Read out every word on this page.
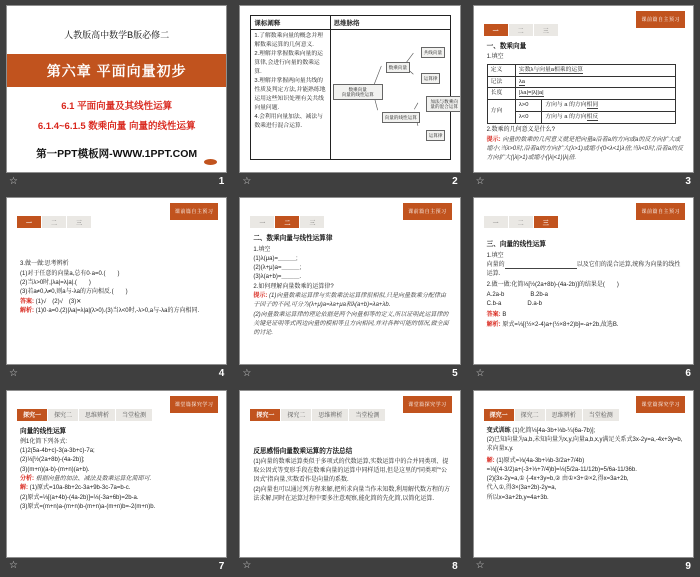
人教版高中数学B版必修二
第六章 平面向量初步
6.1 平面向量及其线性运算
6.1.4~6.1.5 数乘向量 向量的线性运算
第一PPT模板网-WWW.1PPT.COM
☆	1
课标阐释	思维脉络
1.了解数乘向量的概念并理解数乘运算的几何意义.
2.理解并掌握数乘向量的运算律,会进行向量的数乘运算.
3.理解并掌握两向量共线的性质及判定方法,并能熟练地运用这些知识处理有关共线向量问题.
4.会利用向量加法、减法与数乘进行混合运算.
数乘向量
向量的线性运算
数乘向量
向量的线性运算
共线向量
运算律
加法与数乘向量的混合运算
运算律
☆	2
课前篇自主预习
一	二	三
一、数乘向量
1.填空
定义	实数λ与向量a相乘的运算	
记法	λa	
长度	|λa|=|λ||a|	
方向	λ>0	方向与 a 的方向相同
	λ<0	方向与 a 的方向相反
2.数乘的几何意义是什么?
提示: 向量的数乘的几何意义就是把向量a沿着a的方向或a的反方向扩大或缩小;当λ>0时,沿着a的方向扩大(λ>1)或缩小(0<λ<1)λ倍;当λ<0时,沿着a的反方向扩大(|λ|>1)或缩小(|λ|<1)|λ|倍.
☆	3
课前篇自主预习
一	二	三
3.做一做:思考辨析
(1)对于任意的向量a,总有0·a=0.(　　)
(2)当λ>0时,|λa|=λ|a|.(　　)
(3)若a≠0,λ≠0,则a与-λa的方向相反.(　　)
答案: (1)√　(2)√　(3)✕
解析: (1)0·a=0.(2)|λa|=λ|a|(λ>0).(3)当λ<0时,-λ>0,a与-λa的方向相同.
☆	4
课前篇自主预习
一	二	三
二、数乘向量与线性运算律
1.填空
(1)λ(μa)=＿＿＿;
(2)(λ+μ)a=＿＿＿;
(3)λ(a+b)=＿＿＿.
2.如何理解向量数乘的运算律?
提示: (1)向量数乘运算律与实数乘法运算律很相似,只是向量数乘分配律由于因子的不同,可分为(λ+μ)a=λa+μa和λ(a+b)=λa+λb.
(2)向量数乘运算律的理论依据是两个向量相等的定义,所以证明此运算律的关键是证明等式两边向量的模相等且方向相同,并对各种可能的情况,做全面的讨论.
☆	5
课前篇自主预习
一	二	三
三、向量的线性运算
1.填空
向量的　　　　　　　　　　　　	以及它们的混合运算,统称为向量的线性运算.
2.做一做:化简⅓[½(2a+8b)-(4a-2b)]的结果是(　　)
A.2a-b	B.2b-a
C.b-a	D.a-b
答案: B
解析: 原式=⅓[(½×2-4)a+(½×8+2)b]=-a+2b,故选B.
☆	6
课堂篇探究学习
探究一	探究二	思维辨析	当堂检测
向量的线性运算
例1化简下列各式:
(1)2(5a-4b+c)-3(a-3b+c)-7a;
(2)⅓[½(2a+8b)-(4a-2b)];
(3)(m+n)(a-b)-(m+n)(a+b).
分析: 根据向量的加法、减法及数乘运算化简即可.
解: (1)原式=10a-8b+2c-3a+9b-3c-7a=b-c.
(2)原式=⅓[(a+4b)-(4a-2b)]=⅓(-3a+6b)=2b-a.
(3)原式=(m+n)a-(m+n)b-(m+n)a-(m+n)b=-2(m+n)b.
☆	7
课堂篇探究学习
探究一	探究二	思维辨析	当堂检测
反思感悟向量数乘运算的方法总结
(1)向量的数乘运算类似于多项式的代数运算,实数运算中的合并同类项、提取公因式等变形手段在数乘向量的运算中同样适用,但是这里的“同类项”“公因式”指向量,实数看作是向量的系数.
(2)向量也可以通过列方程来解,把所求向量当作未知数,利用解代数方程的方法求解,同时在运算过程中要多注意观察,能化简的先化简,以简化运算.
☆	8
课堂篇探究学习
探究一	探究二	思维辨析	当堂检测
变式训练 (1)化简⅓[4a-3b+⅓b-¼(6a-7b)];
(2)已知向量为a,b,未知向量为x,y,向量a,b,x,y满足关系式3x-2y=a,-4x+3y=b,求向量x,y.
解: (1)原式=⅓(4a-3b+⅓b-3/2a+7/4b)
=⅓[(4-3/2)a+(-3+⅓+7/4)b]=⅓(5/2a-11/12b)=5/6a-11/36b.
(2){3x-2y=a,① {-4x+3y=b,② 由①×3+②×2,得x=3a+2b,
代入①,得3×(3a+2b)-2y=a,
所以x=3a+2b,y=4a+3b.
☆	9
